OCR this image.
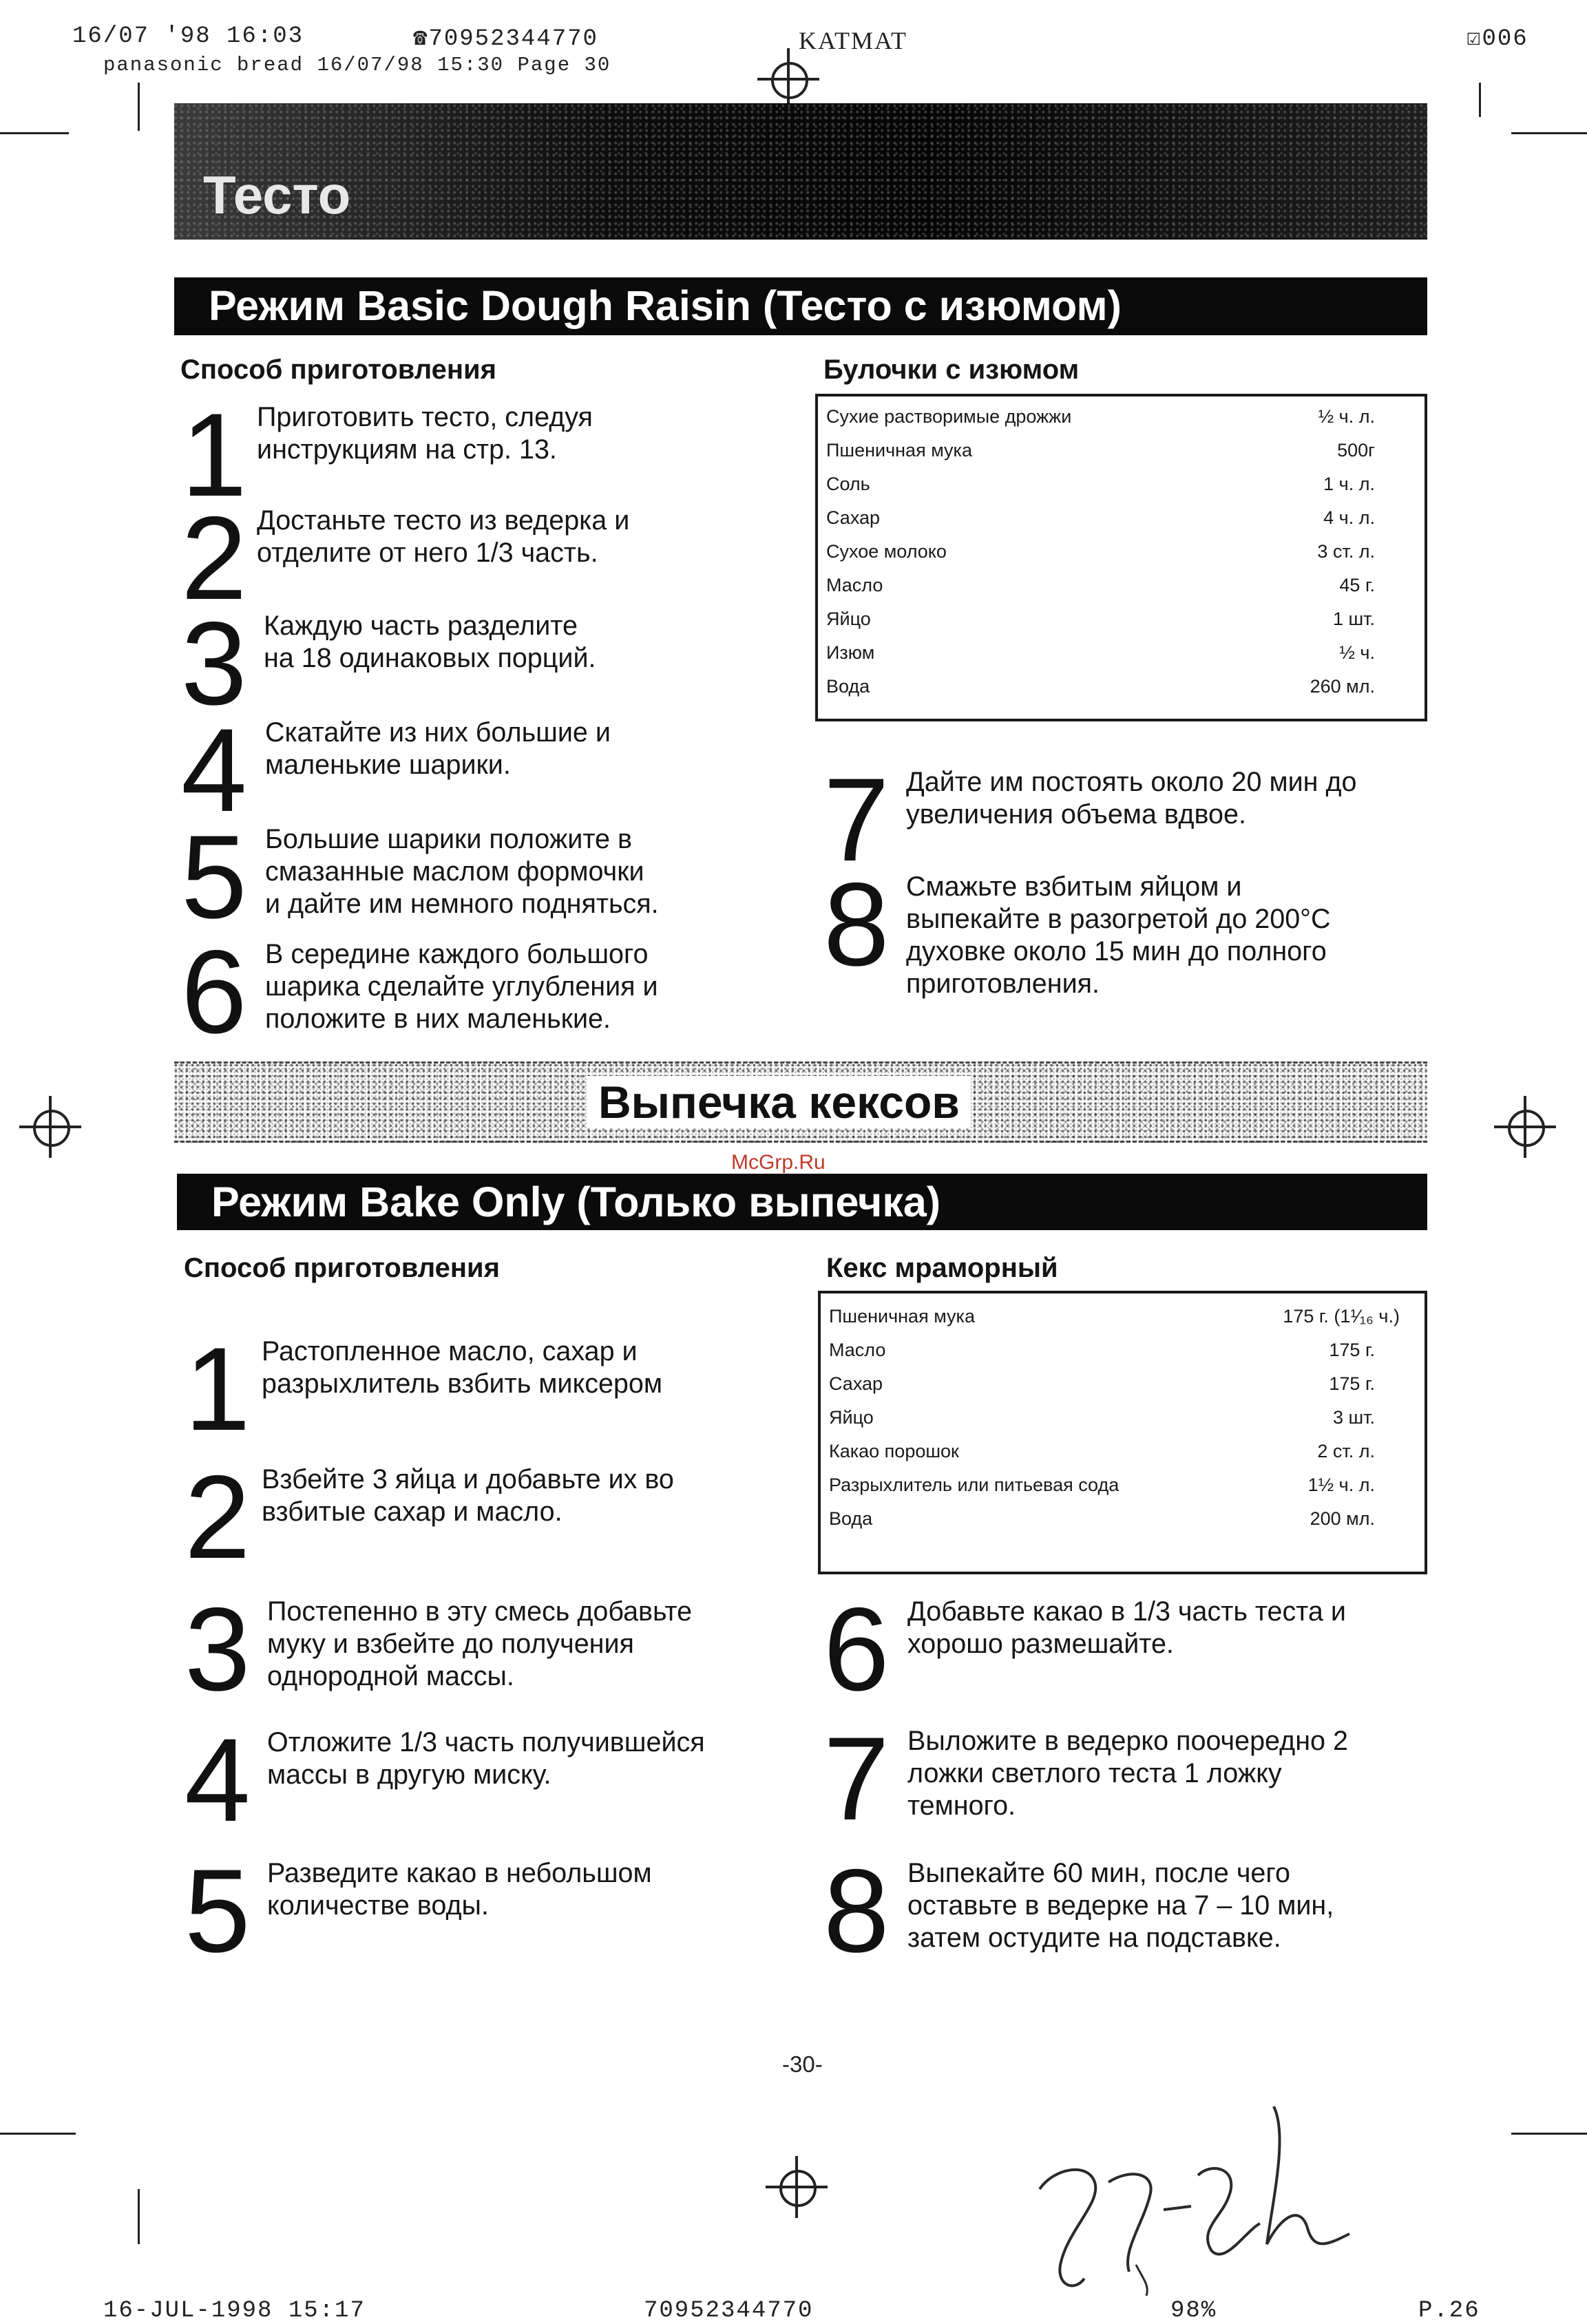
16/07 '98 16:03	☎70952344770	KATMAT	☑006
panasonic bread 16/07/98 15:30 Page 30
Тесто
Режим Basic Dough Raisin (Тесто с изюмом)
Способ приготовления	Булочки с изюмом
Сухие растворимые дрожжи	½ ч. л.
Пшеничная мука	500г
Соль	1 ч. л.
Сахар	4 ч. л.
Сухое молоко	3 ст. л.
Масло	45 г.
Яйцо	1 шт.
Изюм	½ ч.
Вода	260 мл.
1 Приготовить тесто, следуя
инструкциям на стр. 13.
2 Достаньте тесто из ведерка и
отделите от него 1/3 часть.
3 Каждую часть разделите
на 18 одинаковых порций.
4 Скатайте из них большие и
маленькие шарики.
5 Большие шарики положите в
смазанные маслом формочки
и дайте им немного подняться.
6 В середине каждого большого
шарика сделайте углубления и
положите в них маленькие.
7 Дайте им постоять около 20 мин до
увеличения объема вдвое.
8 Смажьте взбитым яйцом и
выпекайте в разогретой до 200°С
духовке около 15 мин до полного
приготовления.
Выпечка кексов
McGrp.Ru
Режим Bake Only (Только выпечка)
Способ приготовления	Кекс мраморный
Пшеничная мука	175 г. (1¹⁄₁₆ ч.)
Масло	175 г.
Сахар	175 г.
Яйцо	3 шт.
Какао порошок	2 ст. л.
Разрыхлитель или питьевая сода	1½ ч. л.
Вода	200 мл.
1 Растопленное масло, сахар и
разрыхлитель взбить миксером
2 Взбейте 3 яйца и добавьте их во
взбитые сахар и масло.
3 Постепенно в эту смесь добавьте
муку и взбейте до получения
однородной массы.
4 Отложите 1/3 часть получившейся
массы в другую миску.
5 Разведите какао в небольшом
количестве воды.
6 Добавьте какао в 1/3 часть теста и
хорошо размешайте.
7 Выложите в ведерко поочередно 2
ложки светлого теста 1 ложку
темного.
8 Выпекайте 60 мин, после чего
оставьте в ведерке на 7 – 10 мин,
затем остудите на подставке.
-30-
16-JUL-1998 15:17	70952344770	98%	P.26
